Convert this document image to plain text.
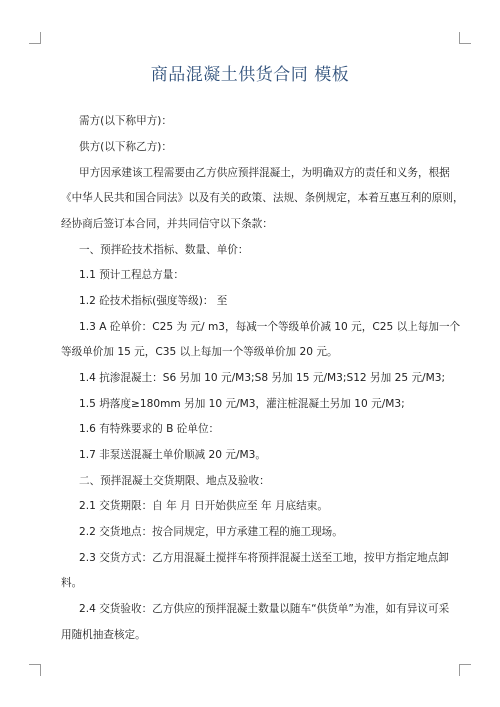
商品混凝土供货合同 模板
需方(以下称甲方)：
供方(以下称乙方)：
甲方因承建该工程需要由乙方供应预拌混凝土，为明确双方的责任和义务，根据
《中华人民共和国合同法》以及有关的政策、法规、条例规定，本着互惠互利的原则，
经协商后签订本合同，并共同信守以下条款：
一、预拌砼技术指标、数量、单价：
1.1 预计工程总方量：
1.2 砼技术指标(强度等级)： 至
1.3 A 砼单价：C25 为 元/ m3，每减一个等级单价减 10 元，C25 以上每加一个
等级单价加 15 元，C35 以上每加一个等级单价加 20 元。
1.4 抗渗混凝土：S6 另加 10 元/M3;S8 另加 15 元/M3;S12 另加 25 元/M3;
1.5 坍落度≥180mm 另加 10 元/M3，灌注桩混凝土另加 10 元/M3;
1.6 有特殊要求的 B 砼单位：
1.7 非泵送混凝土单价顺减 20 元/M3。
二、预拌混凝土交货期限、地点及验收：
2.1 交货期限：自 年 月 日开始供应至 年 月底结束。
2.2 交货地点：按合同规定，甲方承建工程的施工现场。
2.3 交货方式：乙方用混凝土搅拌车将预拌混凝土送至工地，按甲方指定地点卸
料。
2.4 交货验收：乙方供应的预拌混凝土数量以随车“供货单”为准，如有异议可采
用随机抽查核定。
